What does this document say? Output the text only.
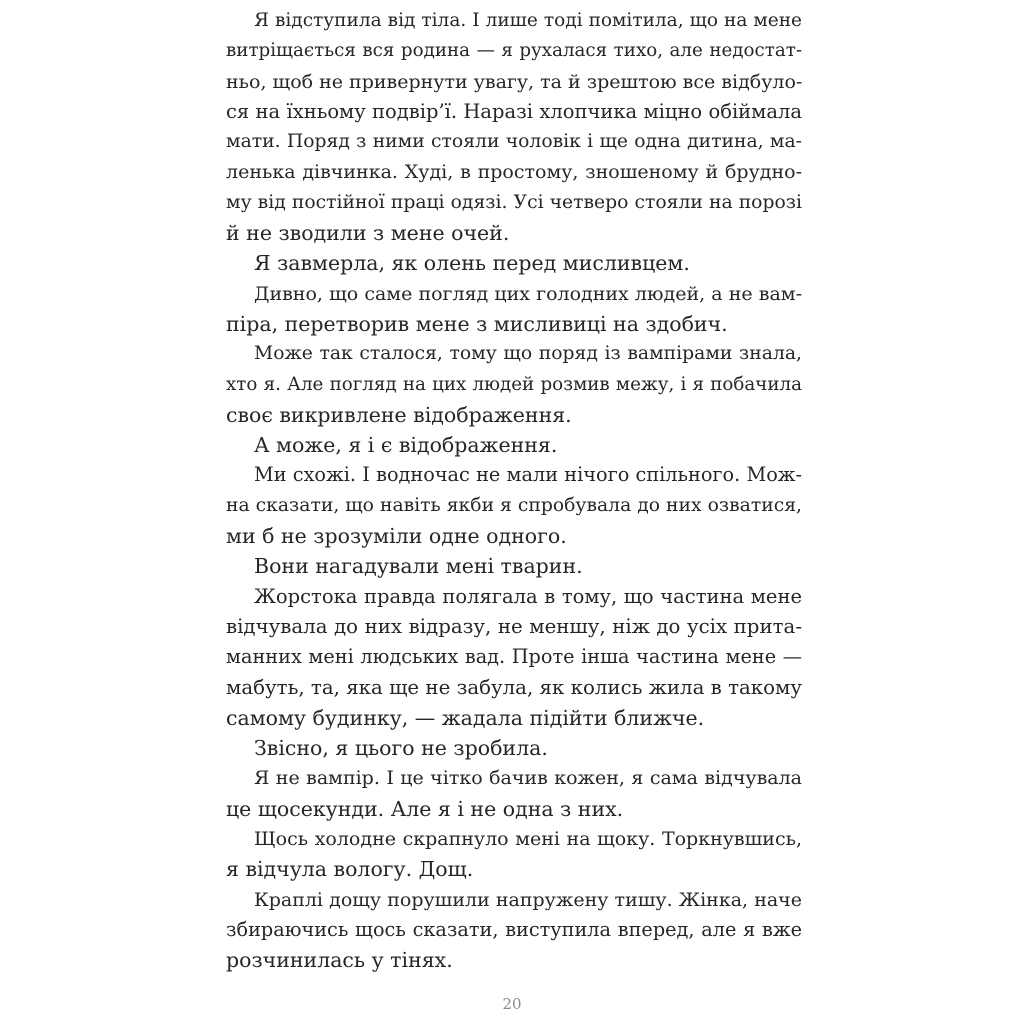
Я відступила від тіла. І лише тоді помітила, що на мене
витріщається вся родина — я рухалася тихо, але недостат-
ньо, щоб не привернути увагу, та й зрештою все відбуло-
ся на їхньому подвір’ї. Наразі хлопчика міцно обіймала
мати. Поряд з ними стояли чоловік і ще одна дитина, ма-
ленька дівчинка. Худі, в простому, зношеному й брудно-
му від постійної праці одязі. Усі четверо стояли на порозі
й не зводили з мене очей.
Я завмерла, як олень перед мисливцем.
Дивно, що саме погляд цих голодних людей, а не вам-
піра, перетворив мене з мисливиці на здобич.
Може так сталося, тому що поряд із вампірами знала,
хто я. Але погляд на цих людей розмив межу, і я побачила
своє викривлене відображення.
А може, я і є відображення.
Ми схожі. І водночас не мали нічого спільного. Мож-
на сказати, що навіть якби я спробувала до них озватися,
ми б не зрозуміли одне одного.
Вони нагадували мені тварин.
Жорстока правда полягала в тому, що частина мене
відчувала до них відразу, не меншу, ніж до усіх прита-
манних мені людських вад. Проте інша частина мене —
мабуть, та, яка ще не забула, як колись жила в такому
самому будинку, — жадала підійти ближче.
Звісно, я цього не зробила.
Я не вампір. І це чітко бачив кожен, я сама відчувала
це щосекунди. Але я і не одна з них.
Щось холодне скрапнуло мені на щоку. Торкнувшись,
я відчула вологу. Дощ.
Краплі дощу порушили напружену тишу. Жінка, наче
збираючись щось сказати, виступила вперед, але я вже
розчинилась у тінях.
20
